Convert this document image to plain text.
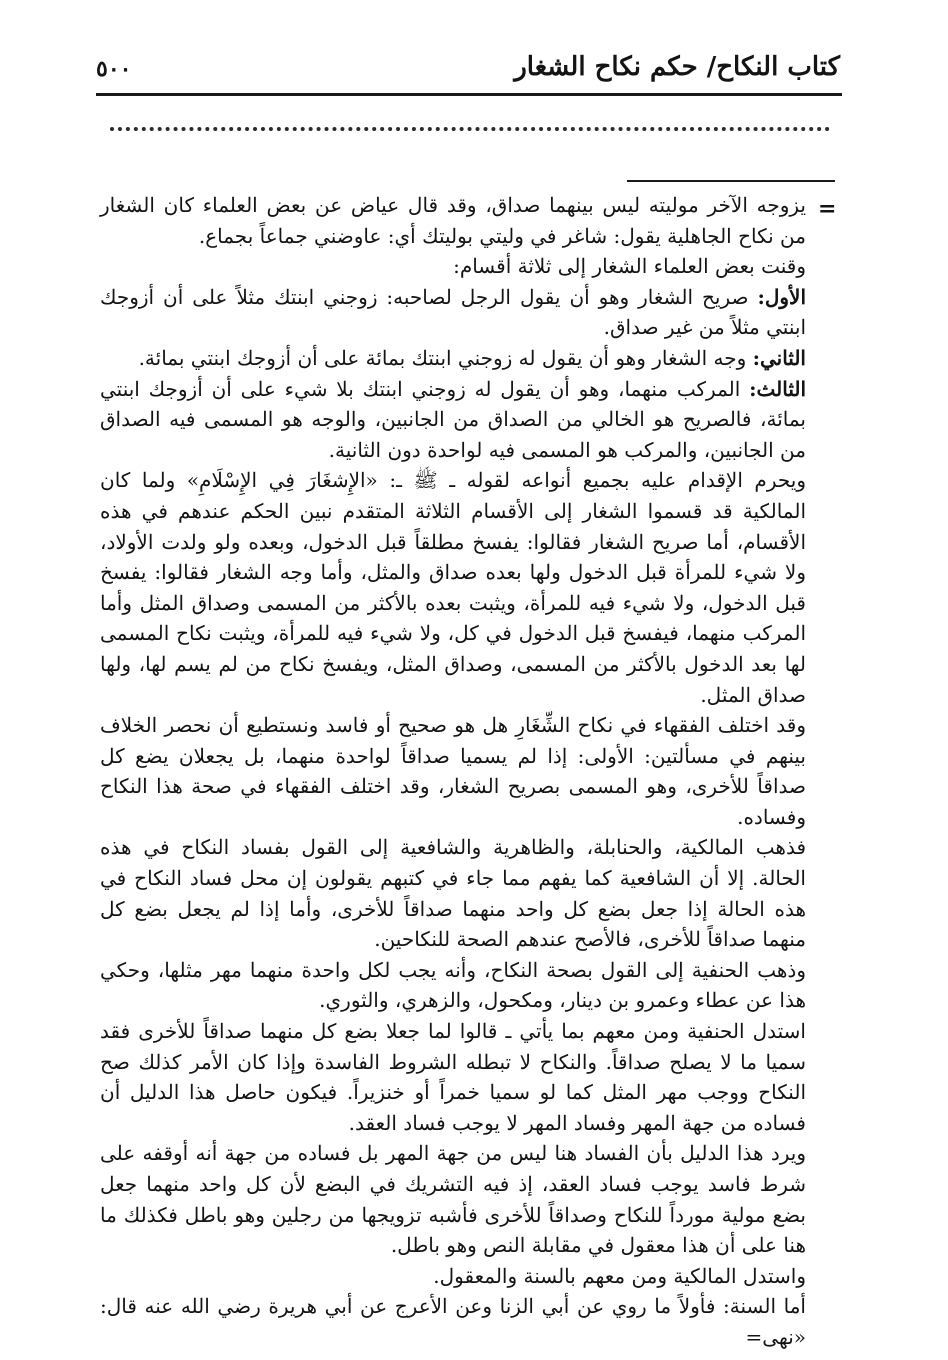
كتاب النكاح/ حكم نكاح الشغار
٥٠٠
=

يزوجه الآخر موليته ليس بينهما صداق، وقد قال عياض عن بعض العلماء كان الشغار من نكاح الجاهلية يقول: شاغر في وليتي بوليتك أي: عاوضني جماعاً بجماع.

وقنت بعض العلماء الشغار إلى ثلاثة أقسام:

الأول: صريح الشغار وهو أن يقول الرجل لصاحبه: زوجني ابنتك مثلاً على أن أزوجك ابنتي مثلاً من غير صداق.

الثاني: وجه الشغار وهو أن يقول له زوجني ابنتك بمائة على أن أزوجك ابنتي بمائة.

الثالث: المركب منهما، وهو أن يقول له زوجني ابنتك بلا شيء على أن أزوجك ابنتي بمائة، فالصريح هو الخالي من الصداق من الجانبين، والوجه هو المسمى فيه الصداق من الجانبين، والمركب هو المسمى فيه لواحدة دون الثانية.

ويحرم الإقدام عليه بجميع أنواعه لقوله ـ ﷺ ـ: «الإِشغَارَ فِي الإِسْلَامِ» ولما كان المالكية قد قسموا الشغار إلى الأقسام الثلاثة المتقدم نبين الحكم عندهم في هذه الأقسام، أما صريح الشغار فقالوا: يفسخ مطلقاً قبل الدخول، وبعده ولو ولدت الأولاد، ولا شيء للمرأة قبل الدخول ولها بعده صداق والمثل، وأما وجه الشغار فقالوا: يفسخ قبل الدخول، ولا شيء فيه للمرأة، ويثبت بعده بالأكثر من المسمى وصداق المثل وأما المركب منهما، فيفسخ قبل الدخول في كل، ولا شيء فيه للمرأة، ويثبت نكاح المسمى لها بعد الدخول بالأكثر من المسمى، وصداق المثل، ويفسخ نكاح من لم يسم لها، ولها صداق المثل.

وقد اختلف الفقهاء في نكاح الشِّغَارِ هل هو صحيح أو فاسد ونستطيع أن نحصر الخلاف بينهم في مسألتين: الأولى: إذا لم يسميا صداقاً لواحدة منهما، بل يجعلان يضع كل صداقاً للأخرى، وهو المسمى بصريح الشغار، وقد اختلف الفقهاء في صحة هذا النكاح وفساده.

فذهب المالكية، والحنابلة، والظاهرية والشافعية إلى القول بفساد النكاح في هذه الحالة. إلا أن الشافعية كما يفهم مما جاء في كتبهم يقولون إن محل فساد النكاح في هذه الحالة إذا جعل بضع كل واحد منهما صداقاً للأخرى، وأما إذا لم يجعل بضع كل منهما صداقاً للأخرى، فالأصح عندهم الصحة للنكاحين.

وذهب الحنفية إلى القول بصحة النكاح، وأنه يجب لكل واحدة منهما مهر مثلها، وحكي هذا عن عطاء وعمرو بن دينار، ومكحول، والزهري، والثوري.

استدل الحنفية ومن معهم بما يأتي ـ قالوا لما جعلا بضع كل منهما صداقاً للأخرى فقد سميا ما لا يصلح صداقاً. والنكاح لا تبطله الشروط الفاسدة وإذا كان الأمر كذلك صح النكاح ووجب مهر المثل كما لو سميا خمراً أو خنزيراً. فيكون حاصل هذا الدليل أن فساده من جهة المهر وفساد المهر لا يوجب فساد العقد.

ويرد هذا الدليل بأن الفساد هنا ليس من جهة المهر بل فساده من جهة أنه أوقفه على شرط فاسد يوجب فساد العقد، إذ فيه التشريك في البضع لأن كل واحد منهما جعل بضع مولية مورداً للنكاح وصداقاً للأخرى فأشبه تزويجها من رجلين وهو باطل فكذلك ما هنا على أن هذا معقول في مقابلة النص وهو باطل.

واستدل المالكية ومن معهم بالسنة والمعقول.

أما السنة: فأولاً ما روي عن أبي الزنا وعن الأعرج عن أبي هريرة رضي الله عنه قال: «نهى=
